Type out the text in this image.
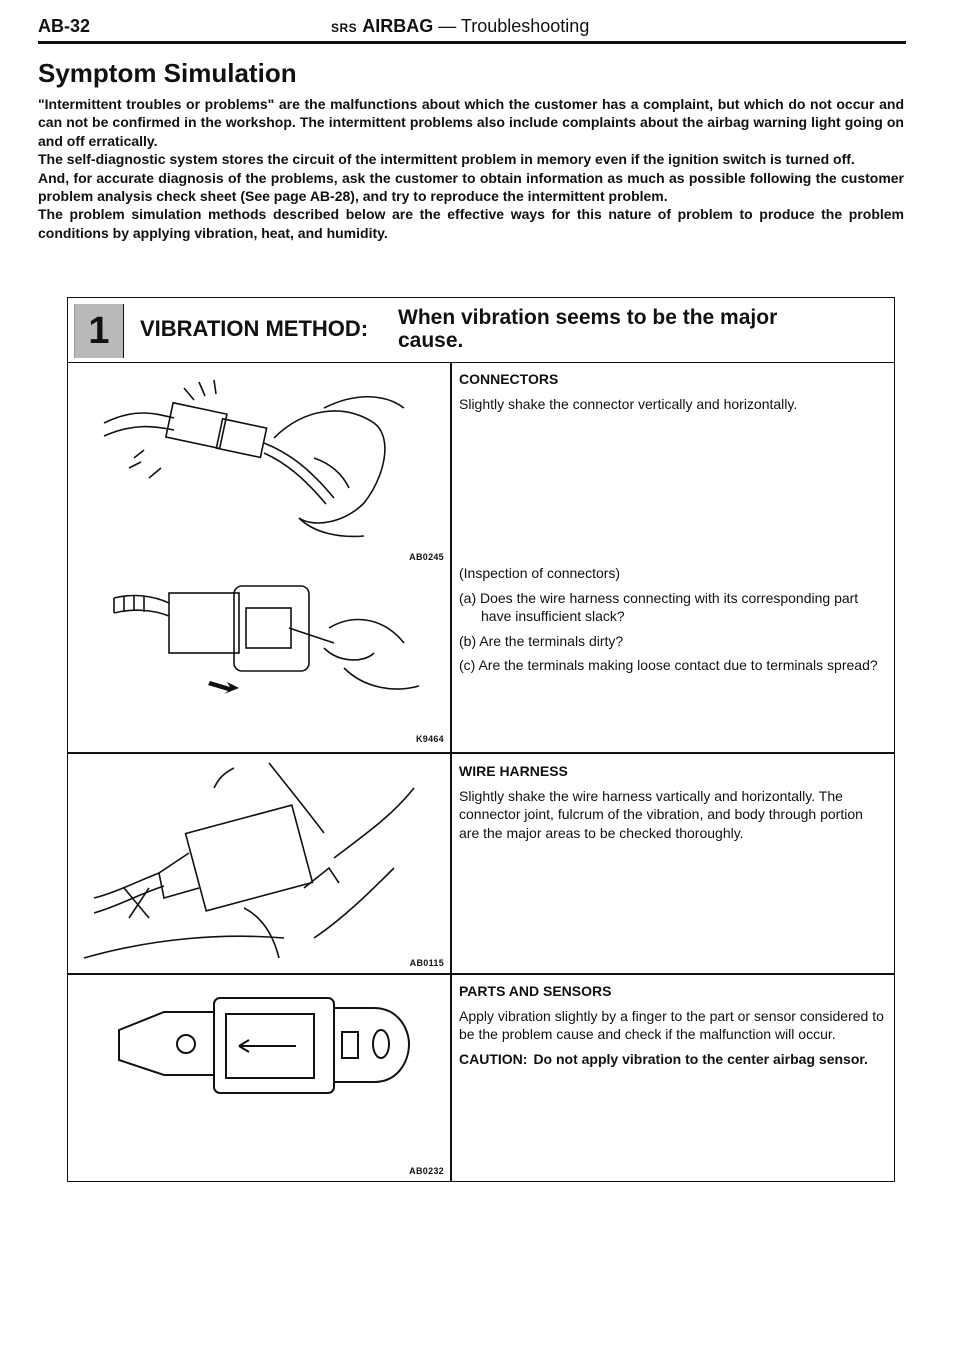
AB-32	SRS AIRBAG — Troubleshooting
Symptom Simulation

"Intermittent troubles or problems" are the malfunctions about which the customer has a complaint, but which do not occur and can not be confirmed in the workshop. The intermittent problems also include complaints about the airbag warning light going on and off erratically.

The self-diagnostic system stores the circuit of the intermittent problem in memory even if the ignition switch is turned off.

And, for accurate diagnosis of the problems, ask the customer to obtain information as much as possible following the customer problem analysis check sheet (See page AB-28), and try to reproduce the intermittent problem.

The problem simulation methods described below are the effective ways for this nature of problem to produce the problem conditions by applying vibration, heat, and humidity.

1	VIBRATION METHOD: When vibration seems to be the major
cause.
AB0245
K9464
AB0115
AB0232
CONNECTORS

Slightly shake the connector vertically and horizontally.

(Inspection of connectors)

(a) Does the wire harness connecting with its corresponding part have insufficient slack?
(b) Are the terminals dirty?
(c) Are the terminals making loose contact due to terminals spread?
WIRE HARNESS

Slightly shake the wire harness vartically and horizontally. The connector joint, fulcrum of the vibration, and body through portion are the major areas to be checked thoroughly.

PARTS AND SENSORS

Apply vibration slightly by a finger to the part or sensor considered to be the problem cause and check if the malfunction will occur.

CAUTION: Do not apply vibration to the center airbag sensor.
